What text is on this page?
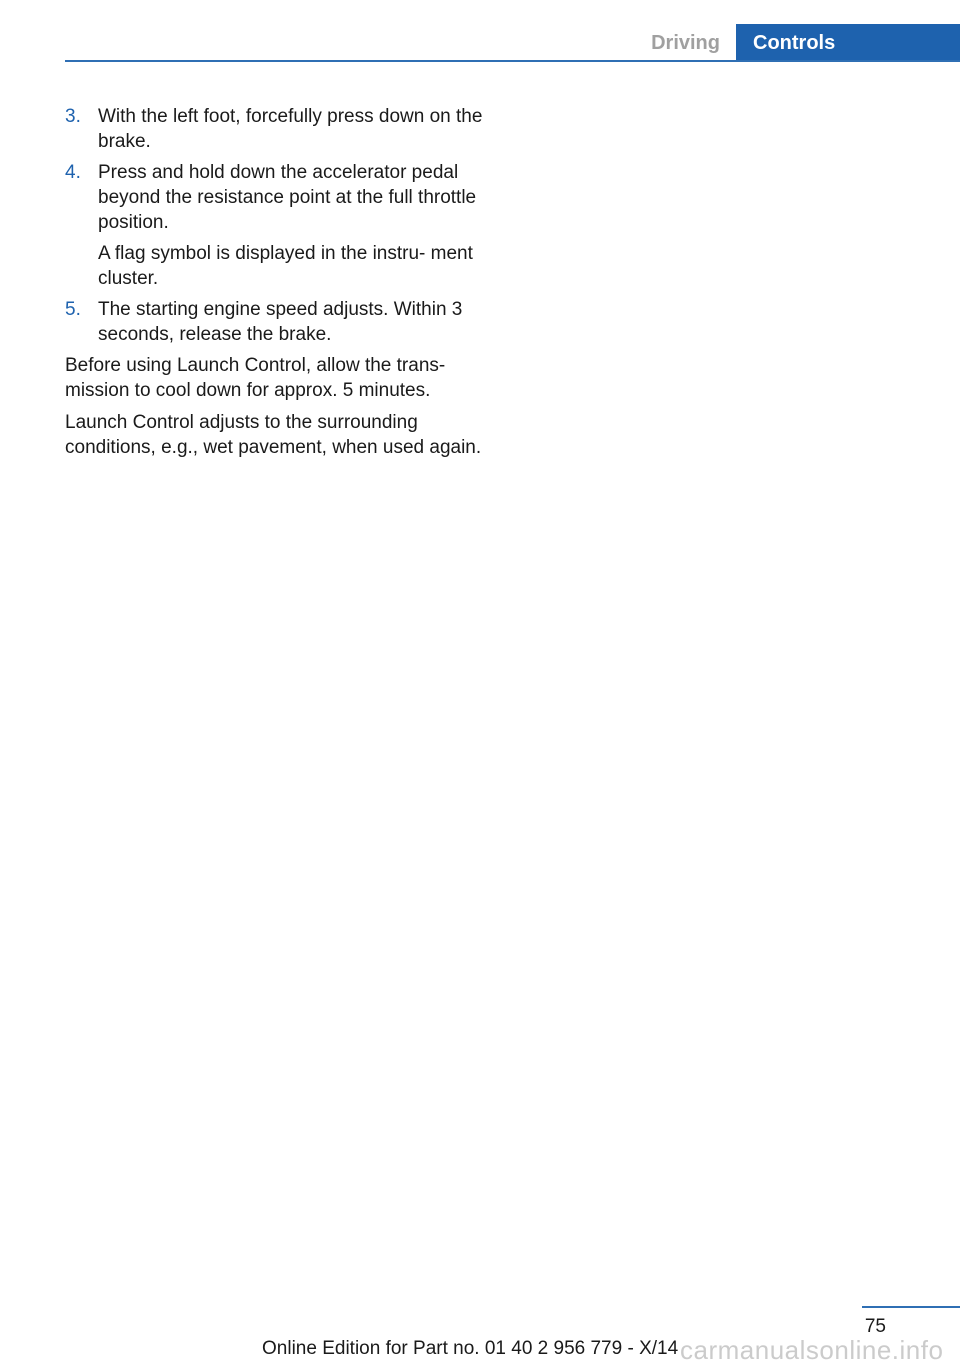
Driving	Controls
3. With the left foot, forcefully press down on the brake.

4. Press and hold down the accelerator pedal beyond the resistance point at the full throttle position.

A flag symbol is displayed in the instru‑ ment cluster.

5. The starting engine speed adjusts. Within 3 seconds, release the brake.

Before using Launch Control, allow the trans‑ mission to cool down for approx. 5 minutes.

Launch Control adjusts to the surrounding conditions, e.g., wet pavement, when used again.

75
Online Edition for Part no. 01 40 2 956 779 - X/14 carmanualsonline.info
